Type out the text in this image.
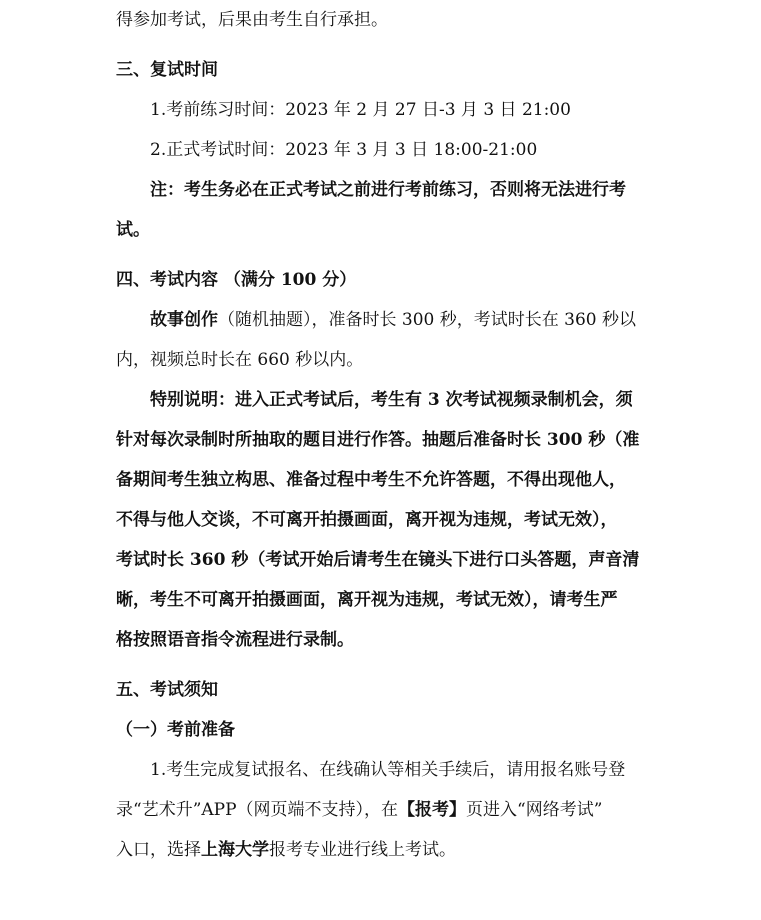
得参加考试，后果由考生自行承担。
三、复试时间
1.考前练习时间：2023 年 2 月 27 日-3 月 3 日 21:00
2.正式考试时间：2023 年 3 月 3 日 18:00-21:00
注：考生务必在正式考试之前进行考前练习，否则将无法进行考
试。
四、考试内容 （满分 100 分）
故事创作（随机抽题），准备时长 300 秒，考试时长在 360 秒以
内，视频总时长在 660 秒以内。
特别说明：进入正式考试后，考生有 3 次考试视频录制机会，须
针对每次录制时所抽取的题目进行作答。抽题后准备时长 300 秒（准
备期间考生独立构思、准备过程中考生不允许答题，不得出现他人，
不得与他人交谈，不可离开拍摄画面，离开视为违规，考试无效），
考试时长 360 秒（考试开始后请考生在镜头下进行口头答题，声音清
晰，考生不可离开拍摄画面，离开视为违规，考试无效），请考生严
格按照语音指令流程进行录制。
五、考试须知
（一）考前准备
1.考生完成复试报名、在线确认等相关手续后，请用报名账号登
录“艺术升”APP（网页端不支持），在【报考】页进入“网络考试”
入口，选择上海大学报考专业进行线上考试。
